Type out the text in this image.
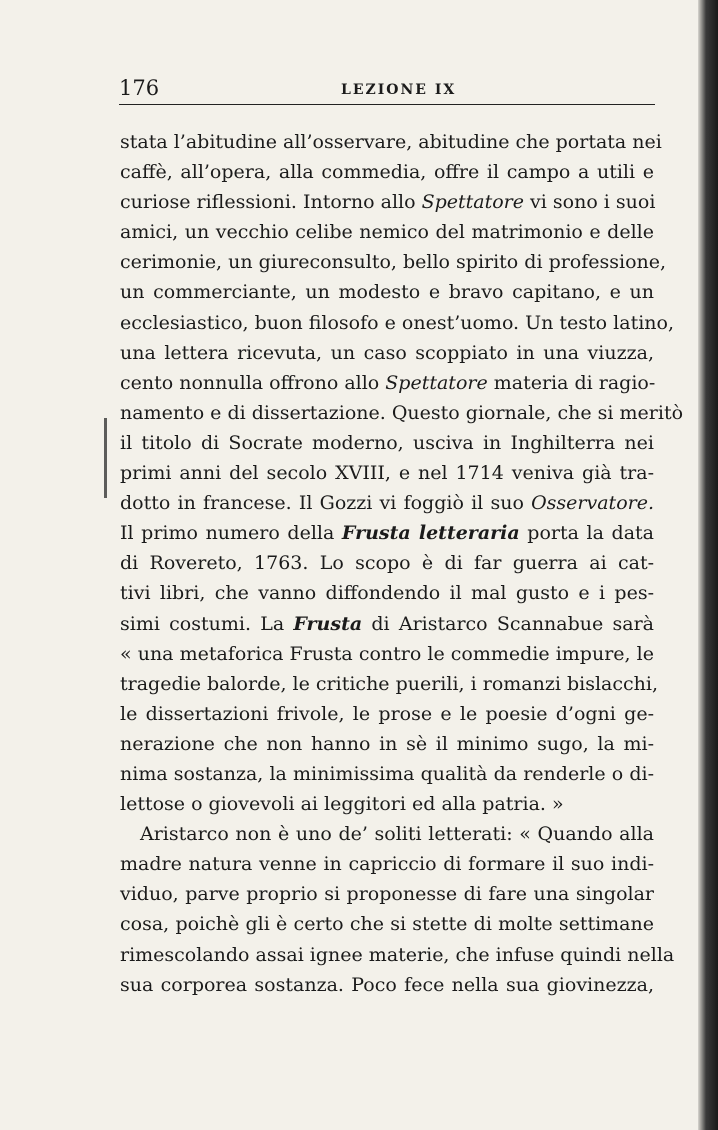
176	LEZIONE IX
stata l’abitudine all’osservare, abitudine che portata nei
caffè, all’opera, alla commedia, offre il campo a utili e
curiose riflessioni. Intorno allo Spettatore vi sono i suoi
amici, un vecchio celibe nemico del matrimonio e delle
cerimonie, un giureconsulto, bello spirito di professione,
un commerciante, un modesto e bravo capitano, e un
ecclesiastico, buon filosofo e onest’uomo. Un testo latino,
una lettera ricevuta, un caso scoppiato in una viuzza,
cento nonnulla offrono allo Spettatore materia di ragio-
namento e di dissertazione. Questo giornale, che si meritò
il titolo di Socrate moderno, usciva in Inghilterra nei
primi anni del secolo XVIII, e nel 1714 veniva già tra-
dotto in francese. Il Gozzi vi foggiò il suo Osservatore.
Il primo numero della Frusta letteraria porta la data
di Rovereto, 1763. Lo scopo è di far guerra ai cat-
tivi libri, che vanno diffondendo il mal gusto e i pes-
simi costumi. La Frusta di Aristarco Scannabue sarà
« una metaforica Frusta contro le commedie impure, le
tragedie balorde, le critiche puerili, i romanzi bislacchi,
le dissertazioni frivole, le prose e le poesie d’ogni ge-
nerazione che non hanno in sè il minimo sugo, la mi-
nima sostanza, la minimissima qualità da renderle o di-
lettose o giovevoli ai leggitori ed alla patria. »
Aristarco non è uno de’ soliti letterati: « Quando alla
madre natura venne in capriccio di formare il suo indi-
viduo, parve proprio si proponesse di fare una singolar
cosa, poichè gli è certo che si stette di molte settimane
rimescolando assai ignee materie, che infuse quindi nella
sua corporea sostanza. Poco fece nella sua giovinezza,
